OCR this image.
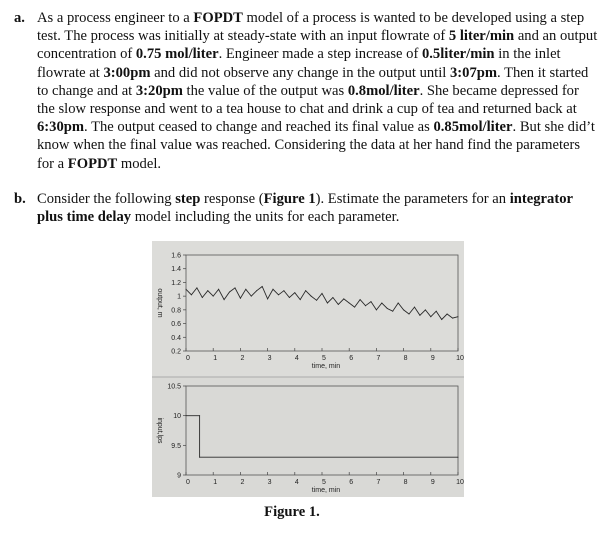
a. As a process engineer to a FOPDT model of a process is wanted to be developed using a step test. The process was initially at steady-state with an input flowrate of 5 liter/min and an output concentration of 0.75 mol/liter. Engineer made a step increase of 0.5liter/min in the inlet flowrate at 3:00pm and did not observe any change in the output until 3:07pm. Then it started to change and at 3:20pm the value of the output was 0.8mol/liter. She became depressed for the slow response and went to a tea house to chat and drink a cup of tea and returned back at 6:30pm. The output ceased to change and reached its final value as 0.85mol/liter. But she did’t know when the final value was reached. Considering the data at her hand find the parameters for a FOPDT model.
b. Consider the following step response (Figure 1). Estimate the parameters for an integrator plus time delay model including the units for each parameter.
0.2
0.4
0.6
0.8
1
1.2
1.4
1.6
0	1	2	3	4	5	6	7	8	9	10
time, min
output, m
9
9.5
10
10.5
0	1	2	3	4	5	6	7	8	9	10
time, min
input,lps
Figure 1.
